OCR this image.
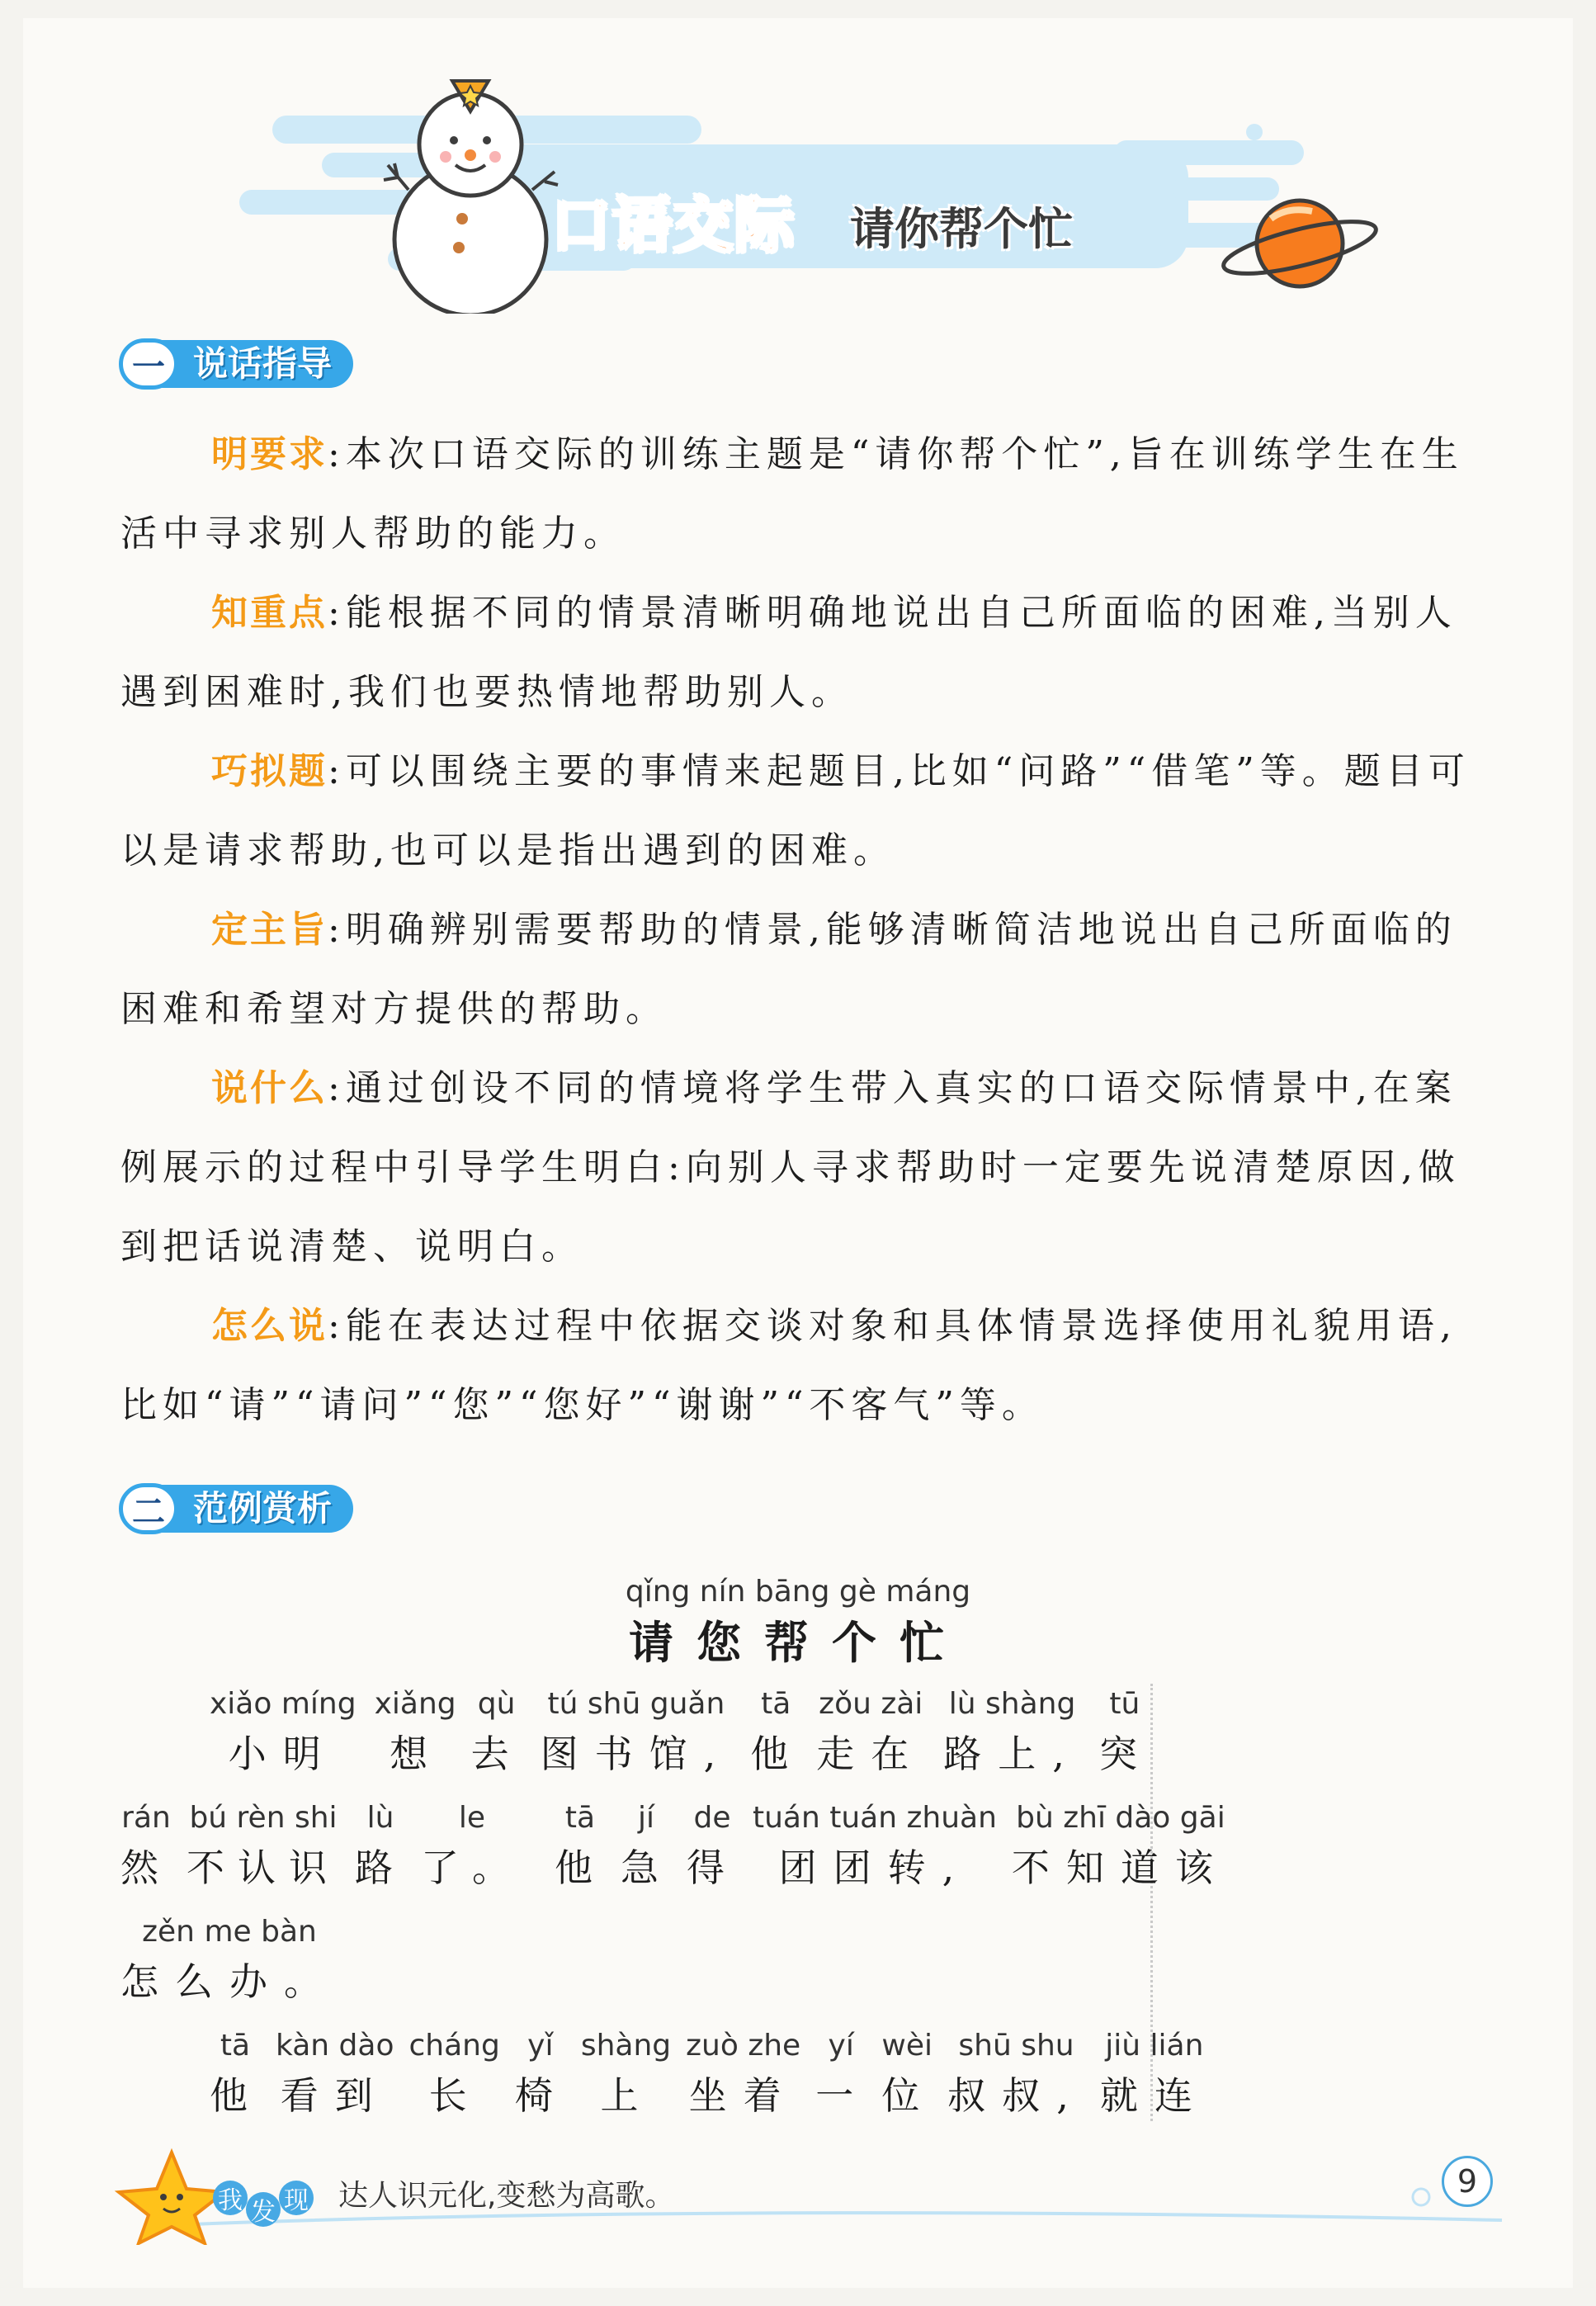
口语交际 请你帮个忙
一 说话指导

明要求:本次口语交际的训练主题是“请你帮个忙”,旨在训练学生在生活中寻求别人帮助的能力。

知重点:能根据不同的情景清晰明确地说出自己所面临的困难,当别人遇到困难时,我们也要热情地帮助别人。

巧拟题:可以围绕主要的事情来起题目,比如“问路”“借笔”等。题目可以是请求帮助,也可以是指出遇到的困难。

定主旨:明确辨别需要帮助的情景,能够清晰简洁地说出自己所面临的困难和希望对方提供的帮助。

说什么:通过创设不同的情境将学生带入真实的口语交际情景中,在案例展示的过程中引导学生明白:向别人寻求帮助时一定要先说清楚原因,做到把话说清楚、说明白。

怎么说:能在表达过程中依据交谈对象和具体情景选择使用礼貌用语,比如“请”“请问”“您”“您好”“谢谢”“不客气”等。

二 范例赏析
qǐng nín bāng gè máng
请您帮个忙
xiǎo míng
小明
xiǎng
想
qù
去
tú shū guǎn
图书馆,
tā
他
zǒu zài
走在
lù shàng
路上,
tū
突
rán
然
bú rèn shi
不认识
lù
路
le
了。
tā
他
jí
急
de
得
tuán tuán zhuàn
团团转,
bù zhī dào gāi
不知道该
zěn me bàn
怎么办。
tā
他
kàn dào
看到
cháng
长
yǐ
椅
shàng
上
zuò zhe
坐着
yí
一
wèi
位
shū shu
叔叔,
jiù lián
就连
我 发 现 达人识元化,变愁为高歌。	9
